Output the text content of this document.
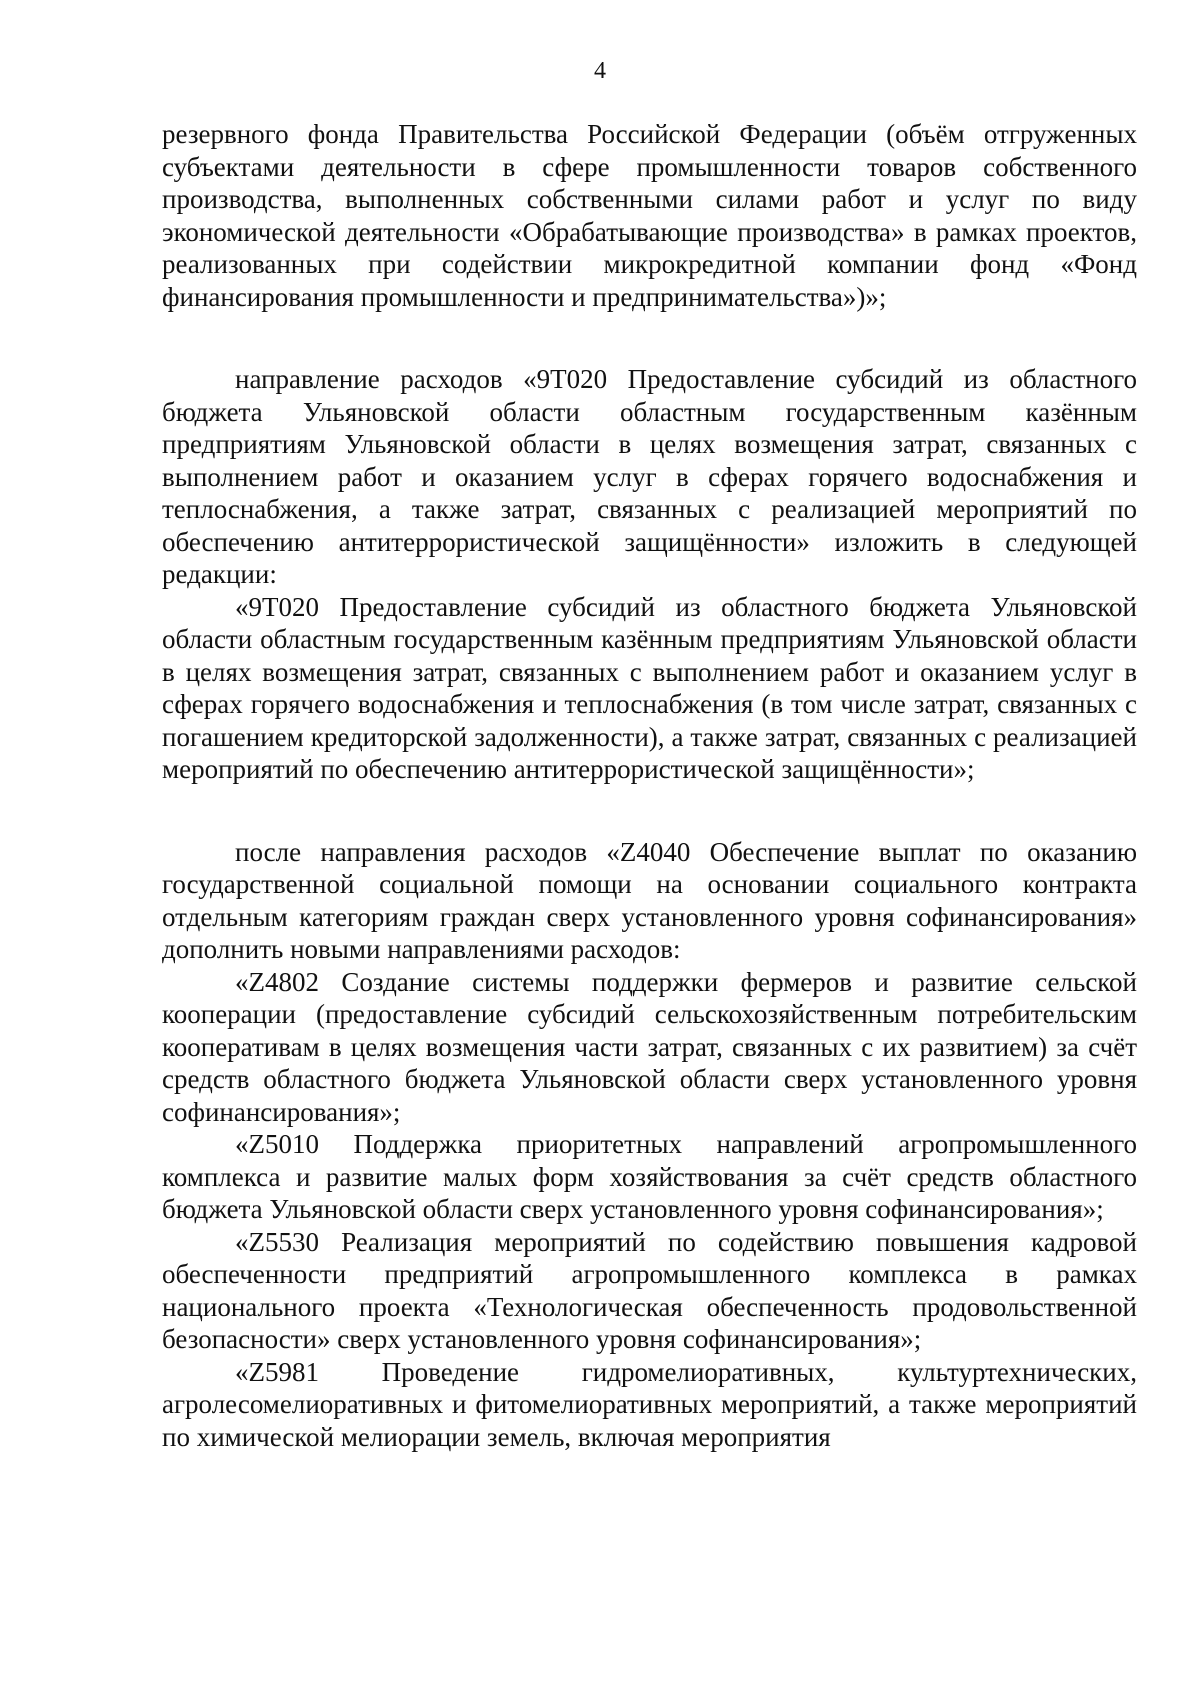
4

резервного фонда Правительства Российской Федерации (объём отгруженных субъектами деятельности в сфере промышленности товаров собственного производства, выполненных собственными силами работ и услуг по виду экономической деятельности «Обрабатывающие производства» в рамках проектов, реализованных при содействии микрокредитной компании фонд «Фонд финансирования промышленности и предпринимательства»)»;

направление расходов «9Т020 Предоставление субсидий из областного бюджета Ульяновской области областным государственным казённым предприятиям Ульяновской области в целях возмещения затрат, связанных с выполнением работ и оказанием услуг в сферах горячего водоснабжения и теплоснабжения, а также затрат, связанных с реализацией мероприятий по обеспечению антитеррористической защищённости» изложить в следующей редакции:

«9Т020 Предоставление субсидий из областного бюджета Ульяновской области областным государственным казённым предприятиям Ульяновской области в целях возмещения затрат, связанных с выполнением работ и оказанием услуг в сферах горячего водоснабжения и теплоснабжения (в том числе затрат, связанных с погашением кредиторской задолженности), а также затрат, связанных с реализацией мероприятий по обеспечению антитеррористической защищённости»;

после направления расходов «Z4040 Обеспечение выплат по оказанию государственной социальной помощи на основании социального контракта отдельным категориям граждан сверх установленного уровня софинансирования» дополнить новыми направлениями расходов:

«Z4802 Создание системы поддержки фермеров и развитие сельской кооперации (предоставление субсидий сельскохозяйственным потребительским кооперативам в целях возмещения части затрат, связанных с их развитием) за счёт средств областного бюджета Ульяновской области сверх установленного уровня софинансирования»;

«Z5010 Поддержка приоритетных направлений агропромышленного комплекса и развитие малых форм хозяйствования за счёт средств областного бюджета Ульяновской области сверх установленного уровня софинансирования»;

«Z5530 Реализация мероприятий по содействию повышения кадровой обеспеченности предприятий агропромышленного комплекса в рамках национального проекта «Технологическая обеспеченность продовольственной безопасности» сверх установленного уровня софинансирования»;

«Z5981 Проведение гидромелиоративных, культуртехнических, агролесомелиоративных и фитомелиоративных мероприятий, а также мероприятий по химической мелиорации земель, включая мероприятия
